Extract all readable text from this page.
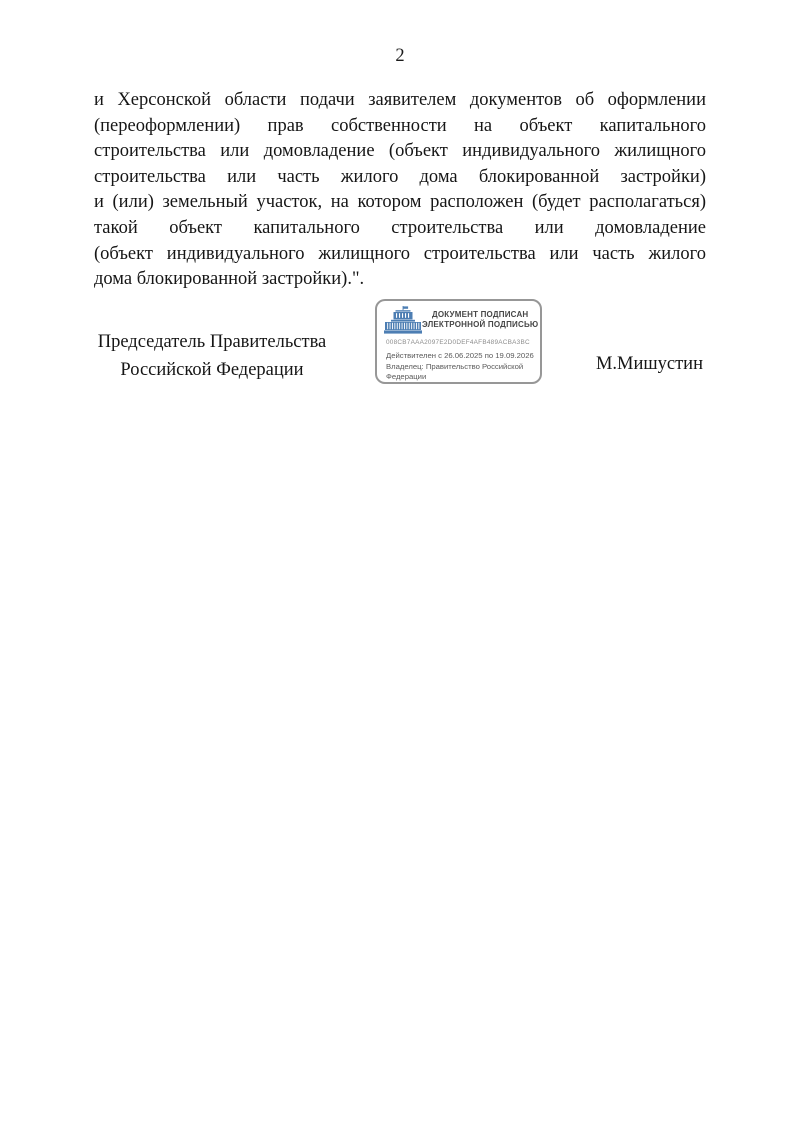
2
и Херсонской области подачи заявителем документов об оформлении
(переоформлении) прав собственности на объект капитального
строительства или домовладение (объект индивидуального жилищного
строительства или часть жилого дома блокированной застройки)
и (или) земельный участок, на котором расположен (будет располагаться)
такой объект капитального строительства или домовладение
(объект индивидуального жилищного строительства или часть жилого
дома блокированной застройки).".
Председатель Правительства
Российской Федерации
ДОКУМЕНТ ПОДПИСАН
ЭЛЕКТРОННОЙ ПОДПИСЬЮ
008CB7AAA2097E2D0DEF4AFB489ACBA3BC
Действителен с 26.06.2025 по 19.09.2026
Владелец: Правительство Российской
Федерации
М.Мишустин
